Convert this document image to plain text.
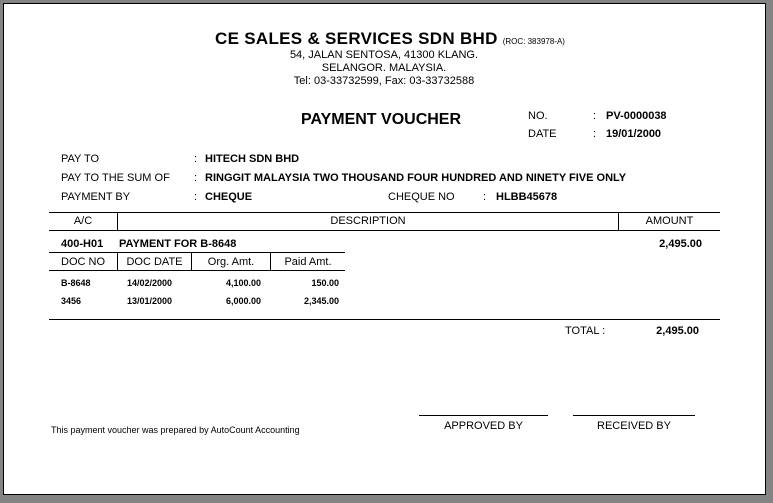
CE SALES & SERVICES SDN BHD (ROC: 383978-A)
54, JALAN SENTOSA, 41300 KLANG.
SELANGOR. MALAYSIA.
Tel: 03-33732599, Fax: 03-33732588
PAYMENT VOUCHER	NO.	: PV-0000038
DATE	: 19/01/2000
PAY TO	: HITECH SDN BHD
PAY TO THE SUM OF : RINGGIT MALAYSIA TWO THOUSAND FOUR HUNDRED AND NINETY FIVE ONLY
PAYMENT BY	: CHEQUE	CHEQUE NO	: HLBB45678
A/C	DESCRIPTION	AMOUNT
400-H01 PAYMENT FOR B-8648	2,495.00
DOC NO	DOC DATE	Org. Amt.	Paid Amt.
B-8648	14/02/2000	4,100.00	150.00
3456	13/01/2000	6,000.00	2,345.00
TOTAL :	2,495.00
This payment voucher was prepared by AutoCount Accounting	APPROVED BY	RECEIVED BY
